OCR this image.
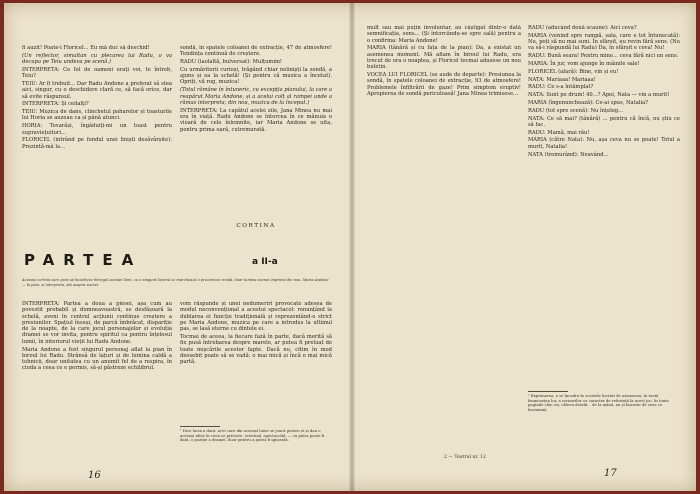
fi auzit! Poate-i Floricel... Eu mă duc să deschid!

(Un reflector, simultan cu plecarea lui Radu, o va decupa pe Teiu undeva pe scenă.)

INTERPRETA: Ce fel de oameni erați voi, te întreb, Teiu?

TEIU: Ar fi trebuit... Dar Radu Andone a preferat să stea aici, singur, cu o deschidere clară ce, să facă orice, dar să evite răspunsul.

INTERPRETA: Și ceilalți?

TEIU: Muzica de dans, clinchetul paharelor și toasturile lui Horia se auzeau ca și până atunci.

HORIA: Tovarăși, îngăduiți-mi un toast pentru supraviețuitori...

FLORICEL (intrând pe fondul unei liniști desăvârșite): Prezintă-mă la...

sondă, în spatele coloanei de extracție, 47 de atmosfere! Tendința continuă de creștere.

RADU (laolaltă, bulversat): Mulțumim!

Cu urmăritorii curioși, trăgând chiar nelinișți la sondă, a ajuns și ea la schelă! (Și pentru că muzica a încetat). Opriți, vă rog, muzica!

(Totul rămâne în întuneric, cu excepția pianului, la care a reapărut Maria Andone, și a acelui colț al rampei unde a rămas interpreta; din nou, muzica de la început.)

INTERPRETA: La capătul acelei zile, Jana Minea nu mai era în viață. Radu Andone se întorcea în ce mânuia o vioară de cele înlemnite, iar Maria Andone se uita, pentru prima oară, cutremurată.

CORTINA
PARTEA	a II-a
Aceeași cortină care pară să încadreze întregul acestei lumi, cu o singură lumină ce marchează o prezentare ireală, doar lumina scenei imprimă din nou. Maria Andone — la pian, și interpreta, stă asupra scenei.

INTERPRETA: Partea a doua a piesei, așa cum au povestit probabil și dumneavoastră, se desfășoară la schelă, aveni în centrul acțiunii continue creștere a presiunilor. Spațiul însuși, de parcă îmbrăcat, dispariție de la noapte, de la care jocul personajelor și evoluția dramei se vor invita, pentru spiritul ca pentru înțelesul lumii, în interiorul vieții lui Radu Andone.

Maria Andone a fost singurul personaj aflat la pian în biroul lui Radu. Strânsă de lațuri și de lumina caldă a tehnicii, doar unitatea cu un anumit fel de a respira, în ciuda a ceea ce e permis, să-și păstreze echilibrul.

vom răspunde și unei nedumeriri provocate adesea de modul neconvențional a acestui spectacol: renunțând la dublarea ei funcție tradițională și reprezentând-o strict pe Maria Andone, muzica pe care a introdus la ultimul pas, se lasă eterne cu dintele ei.

Tocmai de aceea, la fiecare fază în parte, dacă merită să fie pusă întrebarea despre marele, ar putea fi preluat de toate mișcările acestor fapte. Dacă nu, citim în mod deosebit poate să se vadă: o mai mică și încă o mai mică partă.

¹ Deci lucia a dară: acei care din aceeași lume se joacă pentru ei și dau o aceeași ideie în ceea ce privește, eventual, spectacolul, — ca piesa poate fi dată, o poziție a dramei, doar pentru a putea fi ignorată.
16

mult sau mai puțin involuntar, au câștigat dintr-o dată semnificația, sens... (Și întorcându-se spre sală) pentru a o confirma: Maria Andone!

MARIA (tânără și cu fața de la pian): Da, a existat un asemenea moment. Mă aflam în biroul lui Radu, era trecut de ora o noaptea, și Floricel tocmai adusese un nou buletin.

VOCEA LUI FLORICEL (se aude de departe): Presiunea la sondă, în spatele coloanei de extracție, 93 de atmosfere! Problemele înfiltrării de gaze! Prim simptom eruptiv! Apropierea de sondă periculoasă! Jana Minea trimisese...

RADU (aducând două scaune): Aici ceva?

MARIA (venind spre rampă, sala, care e tot întunecată): Nu, poți să nu mai suni. În sfârșit, eu revin fără sens. (Nu va să-i răspundă lui Radu) Da, în sfârșit e ceva! Nu!

RADU: Bună seara! Pentru mine... ceva fără nici un sens.

MARIA: În jur, vom ajunge în mâinile sale!

FLORICEL (afară): Bine, vin și eu!

NATA: Mariaaa! Mariaaa!

RADU: Ce s-a întâmplat?

NATA: Sunt pe drum! 40...? Apoi, Nata — vin a murit!

MARIA (îngenunchează): Ce-ai spus, Natalia?

RADU (tot spre scenă): Nu înțeleg...

NATA: Ce să mai? (tânără) ... pentru că încă, nu știu ce să fac.

RADU: Mamă, mai rău!

MARIA (către Nata): Nu, așa ceva nu se poate! Totul a murit, Natalia!

NATA (tremurând): Neavând...

² Exprimarea, a se încadra în scurtele lucrări de asemenea, în toată frumusețea lor, a scrisorilor cu caracter de referință la acest joc, în toate paginile clar, nu, câteva detalii... de la mână, au și bucurie de ceea ce înseamnă.
2 — Teatrul nr. 12
17
